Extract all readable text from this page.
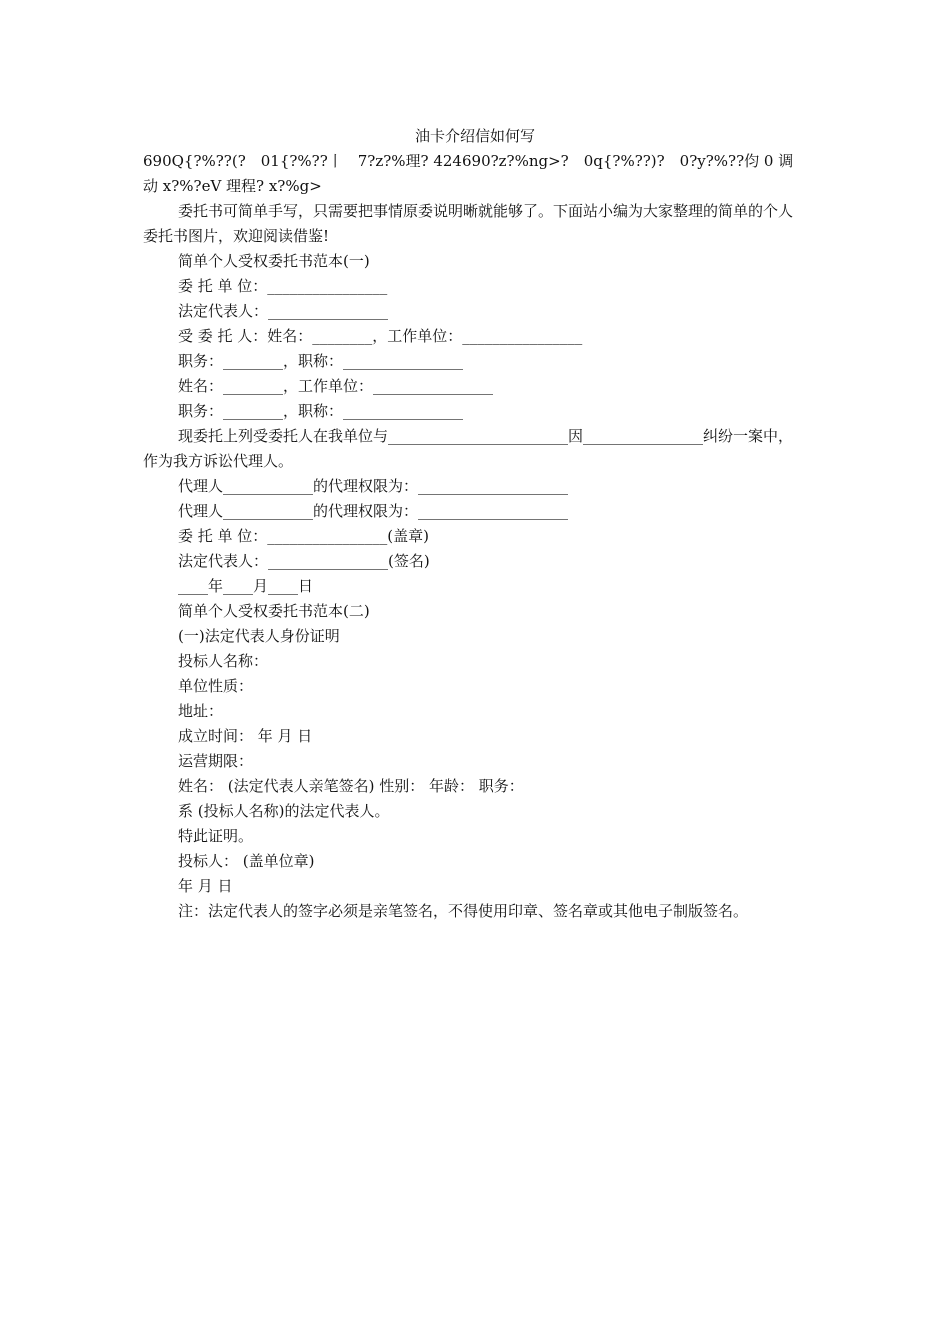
油卡介绍信如何写
690Q{?%??(?　01{?%??丨　7?z?%理? 424690?z?%ng>?　0q{?%??)?　0?y?%??伨 0 调动 x?%?eV 理程? x?%g>
委托书可简单手写，只需要把事情原委说明晰就能够了。下面站小编为大家整理的简单的个人委托书图片，欢迎阅读借鉴!
简单个人受权委托书范本(一)
委 托 单 位：________________
法定代表人：________________
受 委 托 人：姓名：________，工作单位：________________
职务：________，职称：________________
姓名：________，工作单位：________________
职务：________，职称：________________
现委托上列受委托人在我单位与________________________因________________纠纷一案中，作为我方诉讼代理人。
代理人____________的代理权限为：____________________
代理人____________的代理权限为：____________________
委 托 单 位：________________(盖章)
法定代表人：________________(签名)
____年____月____日
简单个人受权委托书范本(二)
(一)法定代表人身份证明
投标人名称：
单位性质：
地址：
成立时间： 年 月 日
运营期限：
姓名： (法定代表人亲笔签名) 性别： 年龄： 职务：
系 (投标人名称)的法定代表人。
特此证明。
投标人： (盖单位章)
年 月 日
注：法定代表人的签字必须是亲笔签名，不得使用印章、签名章或其他电子制版签名。
